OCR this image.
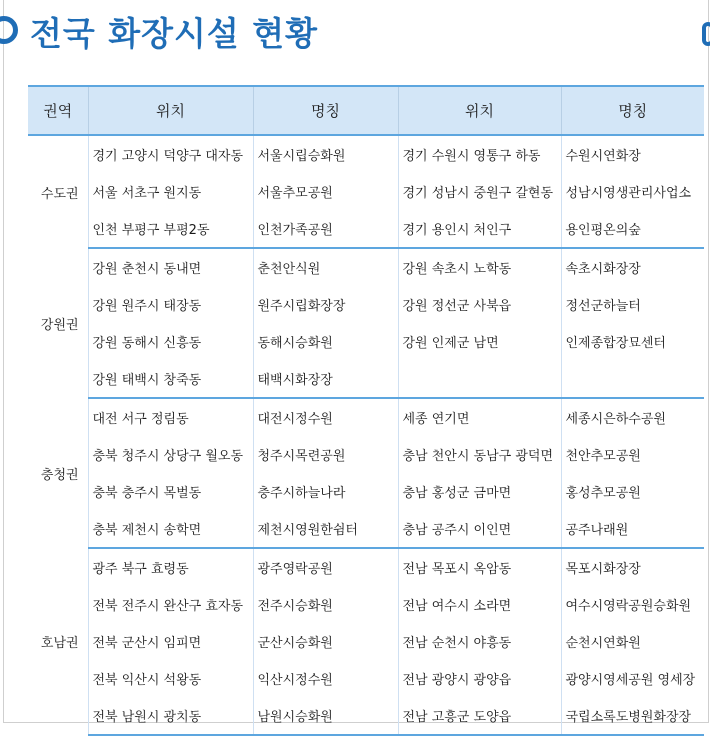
전국 화장시설 현황
권역	위치	명칭	위치	명칭
수도권	경기 고양시 덕양구 대자동	서울시립승화원	경기 수원시 영통구 하동	수원시연화장
	서울 서초구 원지동	서울추모공원	경기 성남시 중원구 갈현동	성남시영생관리사업소
	인천 부평구 부평2동	인천가족공원	경기 용인시 처인구	용인평온의숲
강원권	강원 춘천시 동내면	춘천안식원	강원 속초시 노학동	속초시화장장
	강원 원주시 태장동	원주시립화장장	강원 정선군 사북읍	정선군하늘터
	강원 동해시 신흥동	동해시승화원	강원 인제군 남면	인제종합장묘센터
	강원 태백시 창죽동	태백시화장장		
충청권	대전 서구 정림동	대전시정수원	세종 연기면	세종시은하수공원
	충북 청주시 상당구 월오동	청주시목련공원	충남 천안시 동남구 광덕면	천안추모공원
	충북 충주시 목벌동	충주시하늘나라	충남 홍성군 금마면	홍성추모공원
	충북 제천시 송학면	제천시영원한쉼터	충남 공주시 이인면	공주나래원
호남권	광주 북구 효령동	광주영락공원	전남 목포시 옥암동	목포시화장장
	전북 전주시 완산구 효자동	전주시승화원	전남 여수시 소라면	여수시영락공원승화원
	전북 군산시 임피면	군산시승화원	전남 순천시 야흥동	순천시연화원
	전북 익산시 석왕동	익산시정수원	전남 광양시 광양읍	광양시영세공원 영세장
	전북 남원시 광치동	남원시승화원	전남 고흥군 도양읍	국립소록도병원화장장
